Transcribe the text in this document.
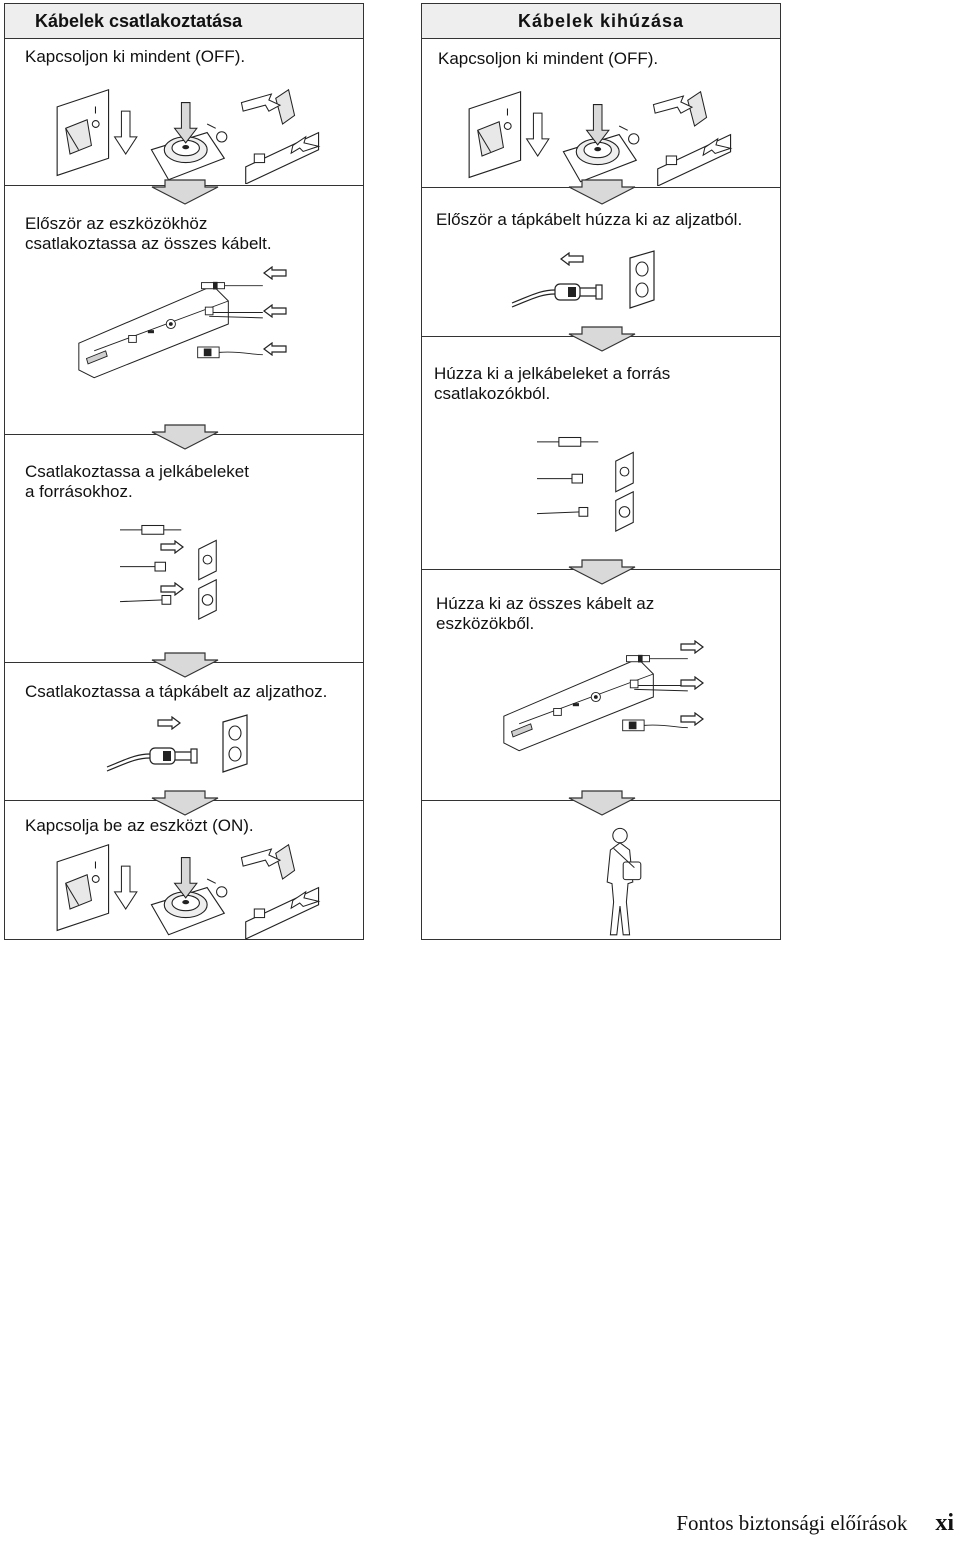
Kábelek csatlakoztatása
Kapcsoljon ki mindent (OFF).
Először az eszközökhöz
csatlakoztassa az összes kábelt.
Csatlakoztassa a jelkábeleket
a forrásokhoz.
Csatlakoztassa a tápkábelt az aljzathoz.
Kapcsolja be az eszközt (ON).
Kábelek kihúzása
Kapcsoljon ki mindent (OFF).
Először a tápkábelt húzza ki az aljzatból.
Húzza ki a jelkábeleket a forrás
csatlakozókból.
Húzza ki az összes kábelt az
eszközökből.
Fontos biztonsági előírások xi
